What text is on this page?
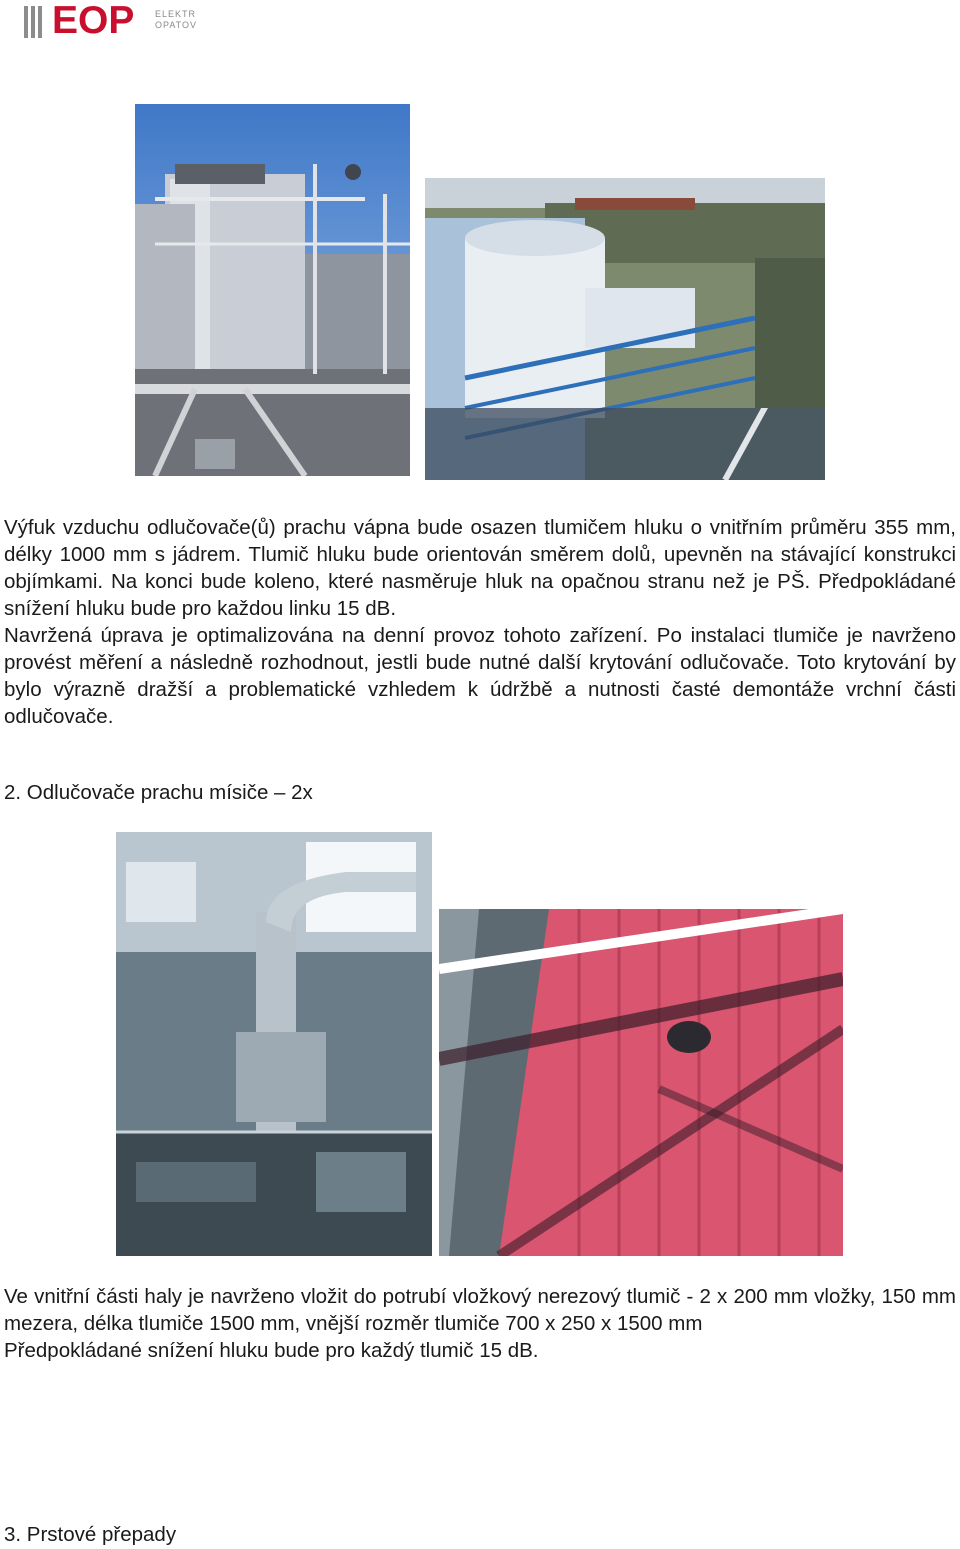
EOP ELEKTR
OPATOV
Výfuk vzduchu odlučovače(ů) prachu vápna bude osazen tlumičem hluku o vnitřním průměru 355 mm, délky 1000 mm s jádrem. Tlumič hluku bude orientován směrem dolů, upevněn na stávající konstrukci objímkami. Na konci bude koleno, které nasměruje hluk na opačnou stranu než je PŠ. Předpokládané snížení hluku bude pro každou linku 15 dB.
Navržená úprava je optimalizována na denní provoz tohoto zařízení. Po instalaci tlumiče je navrženo provést měření a následně rozhodnout, jestli bude nutné další krytování odlučovače. Toto krytování by bylo výrazně dražší a problematické vzhledem k údržbě a nutnosti časté demontáže vrchní části odlučovače.
2. Odlučovače prachu mísiče – 2x
Ve vnitřní části haly je navrženo vložit do potrubí vložkový nerezový tlumič - 2 x 200 mm vložky, 150 mm mezera, délka tlumiče 1500 mm, vnější rozměr tlumiče 700 x 250 x 1500 mm
Předpokládané snížení hluku bude pro každý tlumič 15 dB.
3. Prstové přepady
